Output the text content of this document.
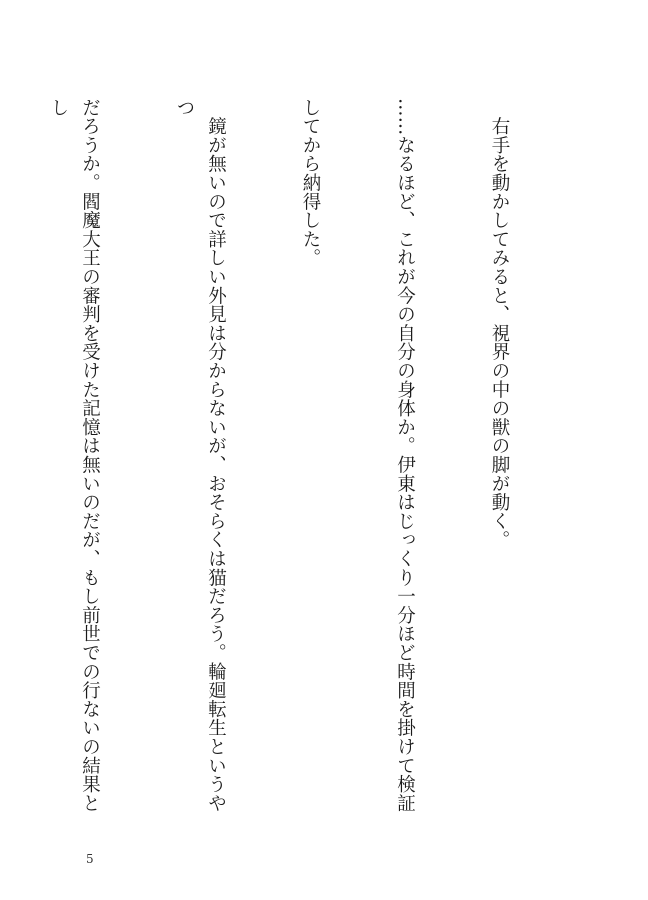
　右手を動かしてみると、視界の中の獣の脚が動く。

……なるほど、これが今の自分の身体か。伊東はじっくり一分ほど時間を掛けて検証

してから納得した。

　鏡が無いので詳しい外見は分からないが、おそらくは猫だろう。輪廻転生というやつ

だろうか。閻魔大王の審判を受けた記憶は無いのだが、もし前世での行ないの結果とし

5
